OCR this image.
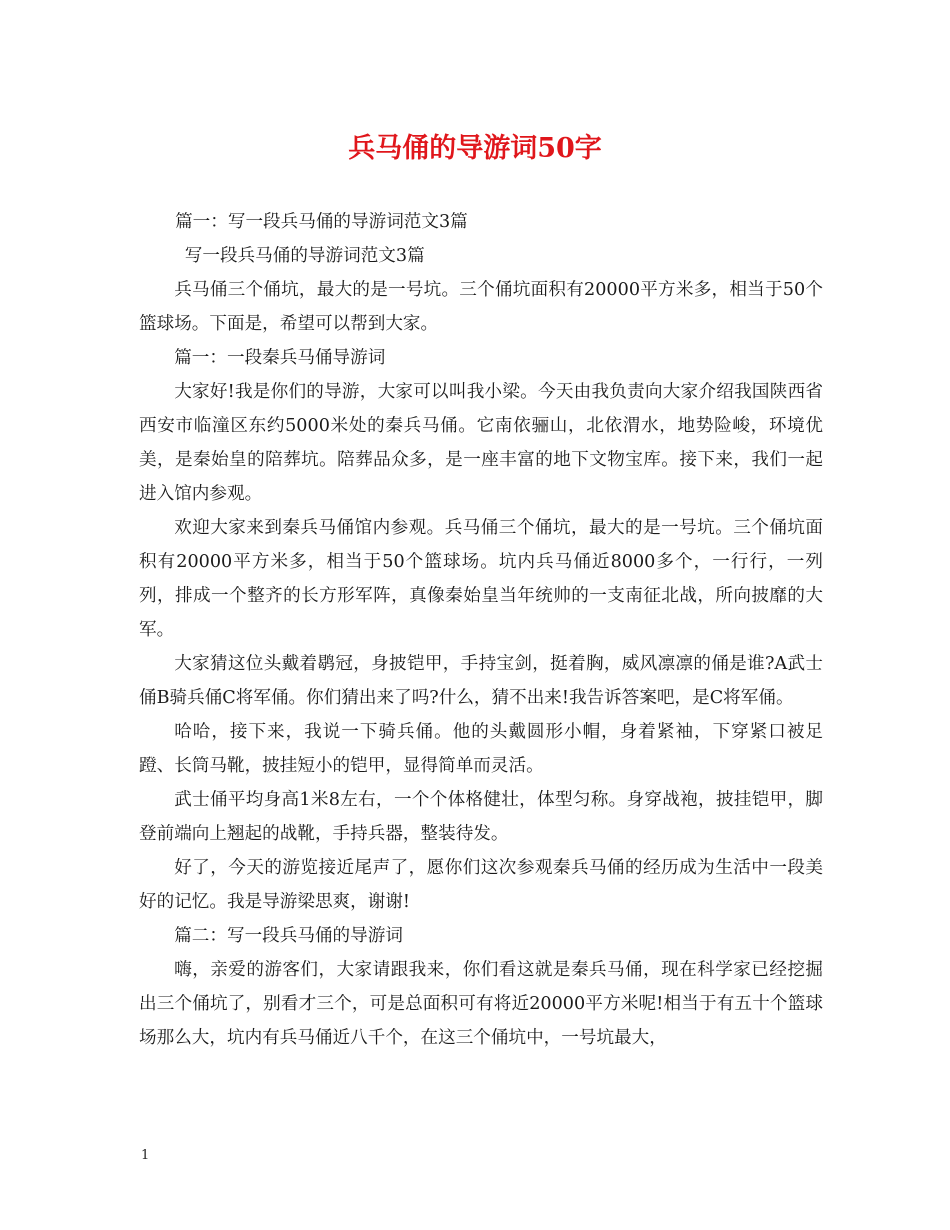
兵马俑的导游词50字

篇一：写一段兵马俑的导游词范文3篇

写一段兵马俑的导游词范文3篇

兵马俑三个俑坑，最大的是一号坑。三个俑坑面积有20000平方米多，相当于50个篮球场。下面是，希望可以帮到大家。

篇一：一段秦兵马俑导游词

大家好!我是你们的导游，大家可以叫我小梁。今天由我负责向大家介绍我国陕西省西安市临潼区东约5000米处的秦兵马俑。它南依骊山，北依渭水，地势险峻，环境优美，是秦始皇的陪葬坑。陪葬品众多，是一座丰富的地下文物宝库。接下来，我们一起进入馆内参观。

欢迎大家来到秦兵马俑馆内参观。兵马俑三个俑坑，最大的是一号坑。三个俑坑面积有20000平方米多，相当于50个篮球场。坑内兵马俑近8000多个，一行行，一列列，排成一个整齐的长方形军阵，真像秦始皇当年统帅的一支南征北战，所向披靡的大军。

大家猜这位头戴着鹖冠，身披铠甲，手持宝剑，挺着胸，威风凛凛的俑是谁?A武士俑B骑兵俑C将军俑。你们猜出来了吗?什么，猜不出来!我告诉答案吧，是C将军俑。

哈哈，接下来，我说一下骑兵俑。他的头戴圆形小帽，身着紧袖，下穿紧口被足蹬、长筒马靴，披挂短小的铠甲，显得简单而灵活。

武士俑平均身高1米8左右，一个个体格健壮，体型匀称。身穿战袍，披挂铠甲，脚登前端向上翘起的战靴，手持兵器，整装待发。

好了，今天的游览接近尾声了，愿你们这次参观秦兵马俑的经历成为生活中一段美好的记忆。我是导游梁思爽，谢谢!

篇二：写一段兵马俑的导游词

嗨，亲爱的游客们，大家请跟我来，你们看这就是秦兵马俑，现在科学家已经挖掘出三个俑坑了，别看才三个，可是总面积可有将近20000平方米呢!相当于有五十个篮球场那么大，坑内有兵马俑近八千个，在这三个俑坑中，一号坑最大，

1
